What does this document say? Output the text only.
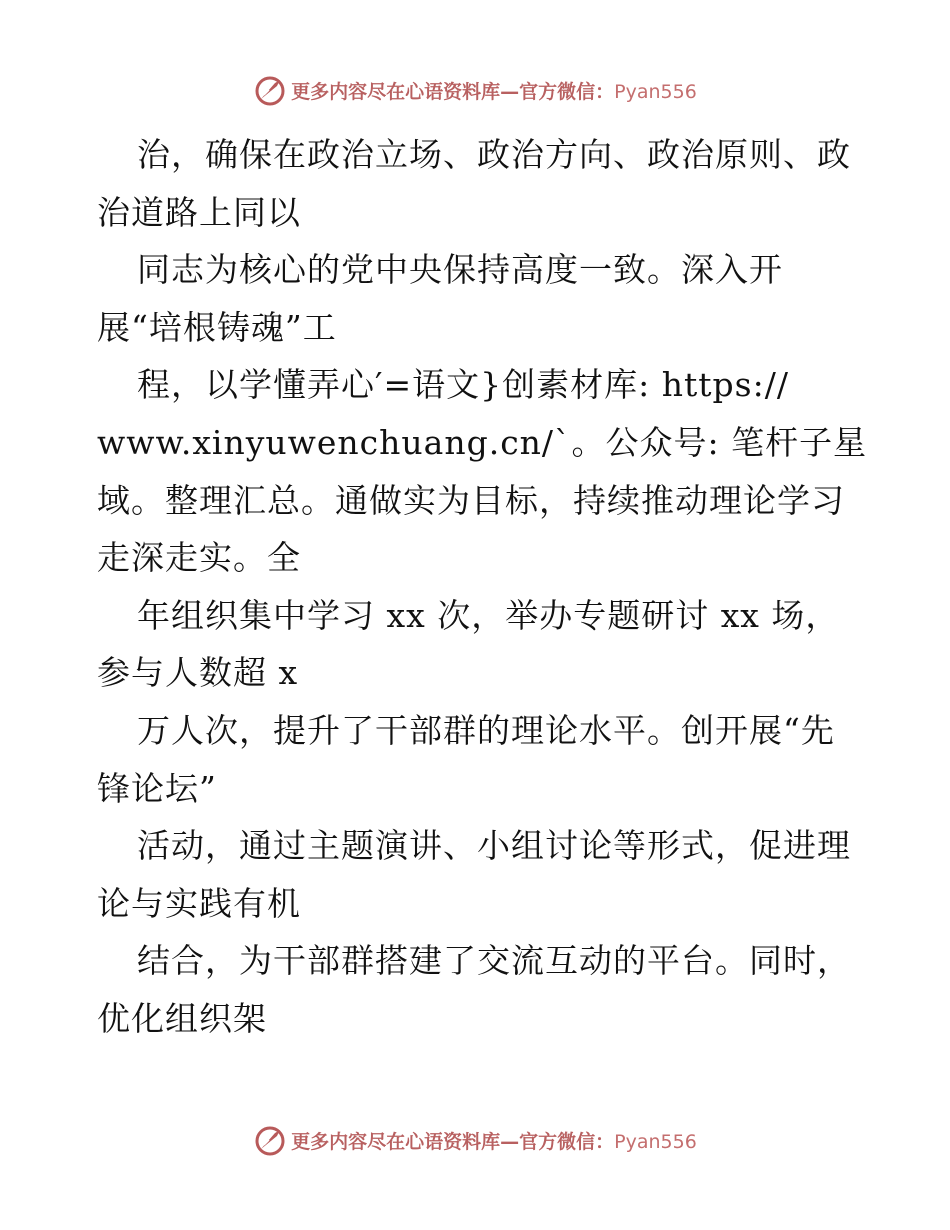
更多内容尽在心语资料库—官方微信：Pyan556
治，确保在政治立场、政治方向、政治原则、政
治道路上同以
同志为核心的党中央保持高度一致。深入开
展“培根铸魂”工
程，以学懂弄心′=语文}创素材库: https://
www.xinyuwenchuang.cn/`。公众号: 笔杆子星
域。整理汇总。通做实为目标，持续推动理论学习
走深走实。全
年组织集中学习 xx 次，举办专题研讨 xx 场，
参与人数超 x
万人次，提升了干部群的理论水平。创开展“先
锋论坛”
活动，通过主题演讲、小组讨论等形式，促进理
论与实践有机
结合，为干部群搭建了交流互动的平台。同时，
优化组织架
更多内容尽在心语资料库—官方微信：Pyan556
